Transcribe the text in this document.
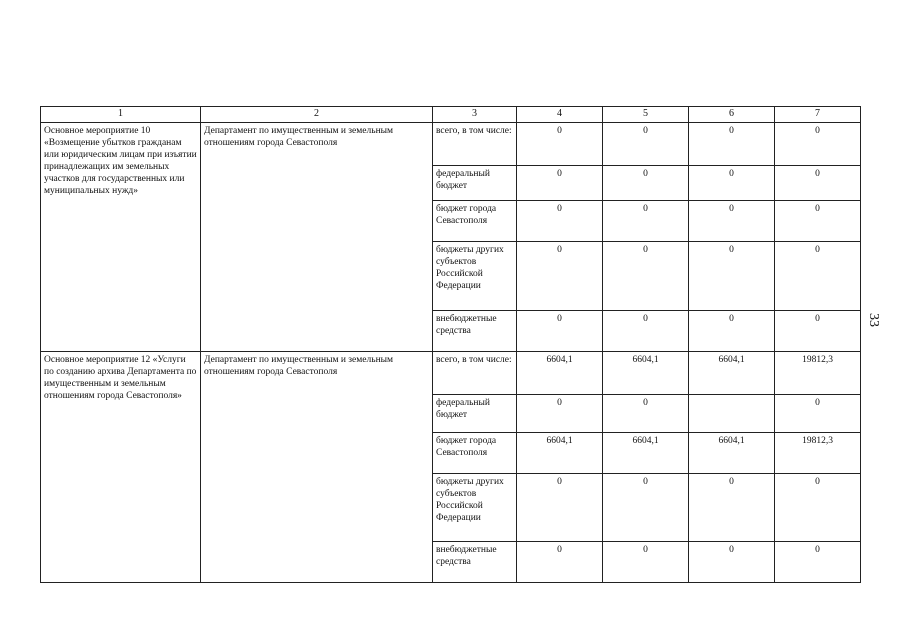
1	2	3	4	5	6	7
Основное мероприятие 10 «Возмещение убытков гражданам или юридическим лицам при изъятии принадлежащих им земельных участков для государственных или муниципальных нужд»	Департамент по имущественным и земельным отношениям города Севастополя	всего, в том числе:	0	0	0	0
		федеральный бюджет	0	0	0	0
		бюджет города Севастополя	0	0	0	0
		бюджеты других субъектов Российской Федерации	0	0	0	0
		внебюджетные средства	0	0	0	0
Основное мероприятие 12 «Услуги по созданию архива Департамента по имущественным и земельным отношениям города Севастополя»	Департамент по имущественным и земельным отношениям города Севастополя	всего, в том числе:	6604,1	6604,1	6604,1	19812,3
		федеральный бюджет	0	0		0
		бюджет города Севастополя	6604,1	6604,1	6604,1	19812,3
		бюджеты других субъектов Российской Федерации	0	0	0	0
		внебюджетные средства	0	0	0	0
33
